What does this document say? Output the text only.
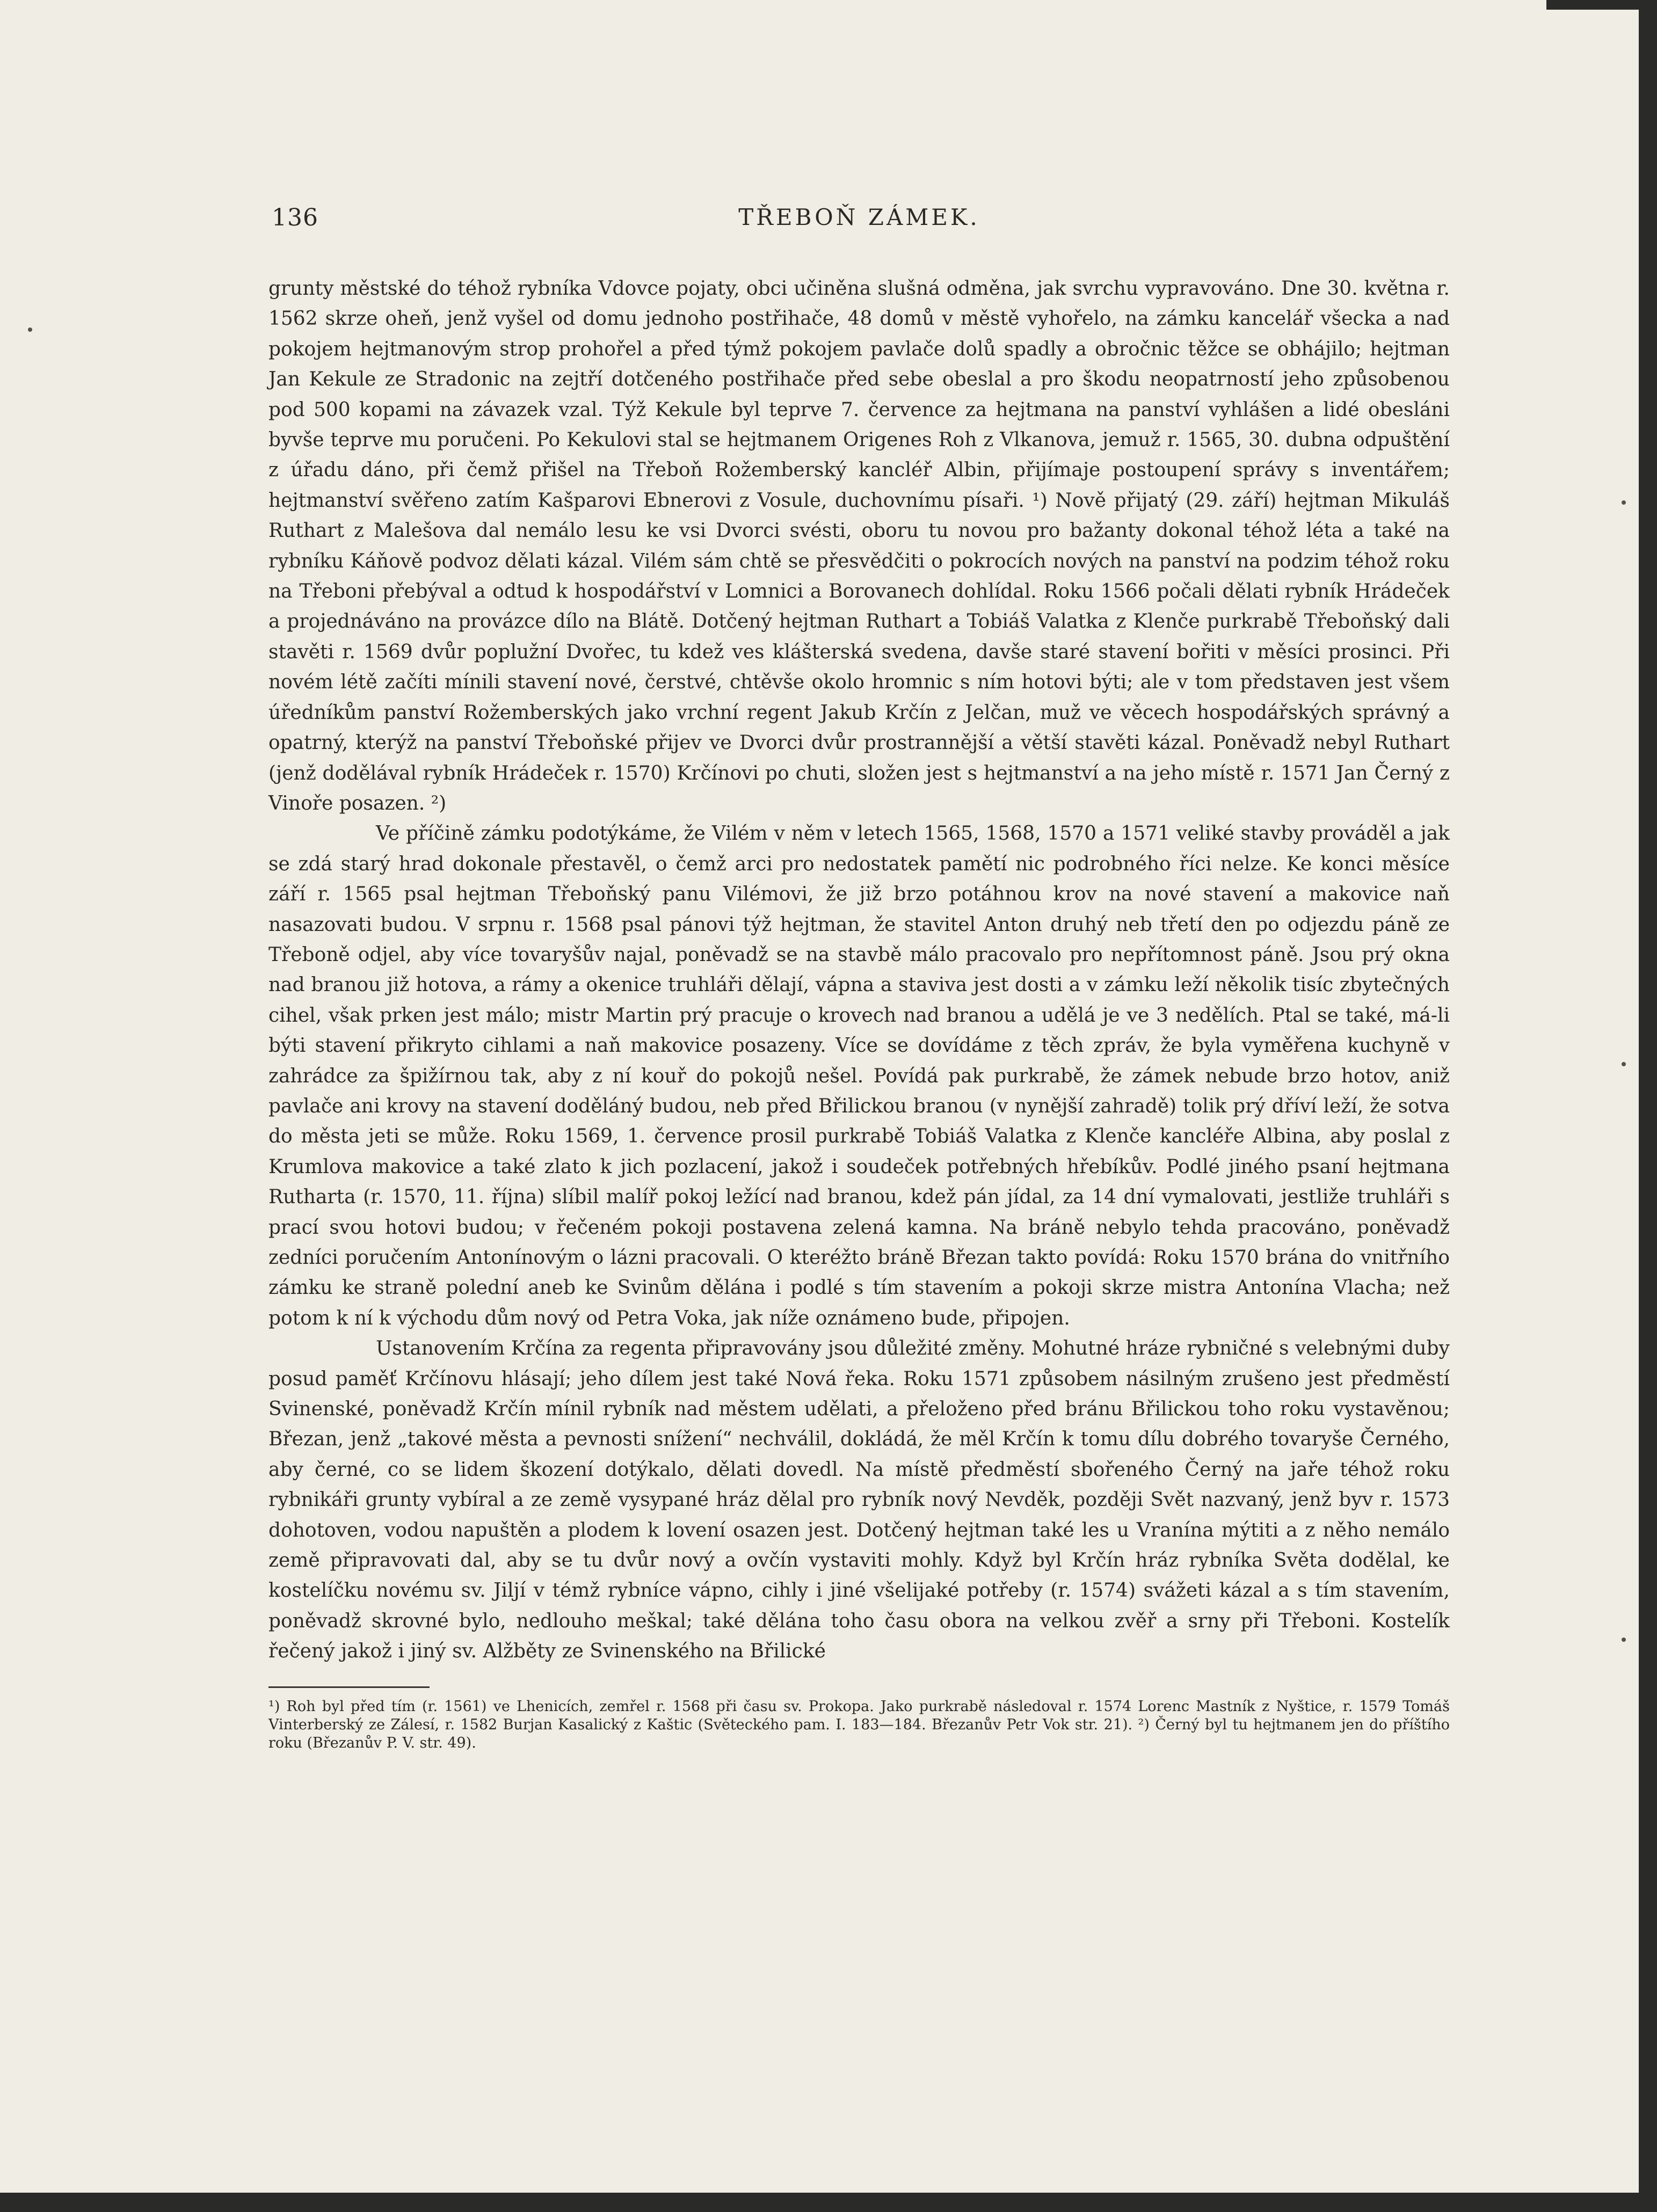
136	TŘEBOŇ ZÁMEK.

grunty městské do téhož rybníka Vdovce pojaty, obci učiněna slušná odměna, jak svrchu vypravováno. Dne 30. května r. 1562 skrze oheň, jenž vyšel od domu jednoho postřihače, 48 domů v městě vyhořelo, na zámku kancelář všecka a nad pokojem hejtmanovým strop prohořel a před týmž pokojem pavlače dolů spadly a obročnic těžce se obhájilo; hejtman Jan Kekule ze Stradonic na zejtří dotčeného postřihače před sebe obeslal a pro škodu neopatrností jeho způsobenou pod 500 kopami na závazek vzal. Týž Kekule byl teprve 7. července za hejtmana na panství vyhlášen a lidé obesláni byvše teprve mu poručeni. Po Kekulovi stal se hejtmanem Origenes Roh z Vlkanova, jemuž r. 1565, 30. dubna odpuštění z úřadu dáno, při čemž přišel na Třeboň Rožemberský kancléř Albin, přijímaje postoupení správy s inventářem; hejtmanství svěřeno zatím Kašparovi Ebnerovi z Vosule, duchovnímu písaři. ¹) Nově přijatý (29. září) hejtman Mikuláš Ruthart z Malešova dal nemálo lesu ke vsi Dvorci svésti, oboru tu novou pro bažanty dokonal téhož léta a také na rybníku Káňově podvoz dělati kázal. Vilém sám chtě se přesvědčiti o pokrocích nových na panství na podzim téhož roku na Třeboni přebýval a odtud k hospodářství v Lomnici a Borovanech dohlídal. Roku 1566 počali dělati rybník Hrádeček a projednáváno na provázce dílo na Blátě. Dotčený hejtman Ruthart a Tobiáš Valatka z Klenče purkrabě Třeboňský dali stavěti r. 1569 dvůr poplužní Dvořec, tu kdež ves klášterská svedena, davše staré stavení bořiti v měsíci prosinci. Při novém létě začíti mínili stavení nové, čerstvé, chtěvše okolo hromnic s ním hotovi býti; ale v tom představen jest všem úředníkům panství Rožemberských jako vrchní regent Jakub Krčín z Jelčan, muž ve věcech hospodářských správný a opatrný, kterýž na panství Třeboňské přijev ve Dvorci dvůr prostrannější a větší stavěti kázal. Poněvadž nebyl Ruthart (jenž dodělával rybník Hrádeček r. 1570) Krčínovi po chuti, složen jest s hejtmanství a na jeho místě r. 1571 Jan Černý z Vinoře posazen. ²)

Ve příčině zámku podotýkáme, že Vilém v něm v letech 1565, 1568, 1570 a 1571 veliké stavby prováděl a jak se zdá starý hrad dokonale přestavěl, o čemž arci pro nedostatek pamětí nic podrobného říci nelze. Ke konci měsíce září r. 1565 psal hejtman Třeboňský panu Vilémovi, že již brzo potáhnou krov na nové stavení a makovice naň nasazovati budou. V srpnu r. 1568 psal pánovi týž hejtman, že stavitel Anton druhý neb třetí den po odjezdu páně ze Třeboně odjel, aby více tovaryšův najal, poněvadž se na stavbě málo pracovalo pro nepřítomnost páně. Jsou prý okna nad branou již hotova, a rámy a okenice truhláři dělají, vápna a staviva jest dosti a v zámku leží několik tisíc zbytečných cihel, však prken jest málo; mistr Martin prý pracuje o krovech nad branou a udělá je ve 3 nedělích. Ptal se také, má-li býti stavení přikryto cihlami a naň makovice posazeny. Více se dovídáme z těch zpráv, že byla vyměřena kuchyně v zahrádce za špižírnou tak, aby z ní kouř do pokojů nešel. Povídá pak purkrabě, že zámek nebude brzo hotov, aniž pavlače ani krovy na stavení doděláný budou, neb před Břilickou branou (v nynější zahradě) tolik prý dříví leží, že sotva do města jeti se může. Roku 1569, 1. července prosil purkrabě Tobiáš Valatka z Klenče kancléře Albina, aby poslal z Krumlova makovice a také zlato k jich pozlacení, jakož i soudeček potřebných hřebíkův. Podlé jiného psaní hejtmana Rutharta (r. 1570, 11. října) slíbil malíř pokoj ležící nad branou, kdež pán jídal, za 14 dní vymalovati, jestliže truhláři s prací svou hotovi budou; v řečeném pokoji postavena zelená kamna. Na bráně nebylo tehda pracováno, poněvadž zedníci poručením Antonínovým o lázni pracovali. O kteréžto bráně Březan takto povídá: Roku 1570 brána do vnitřního zámku ke straně polední aneb ke Svinům dělána i podlé s tím stavením a pokoji skrze mistra Antonína Vlacha; než potom k ní k východu dům nový od Petra Voka, jak níže oznámeno bude, připojen.

Ustanovením Krčína za regenta připravovány jsou důležité změny. Mohutné hráze rybničné s velebnými duby posud paměť Krčínovu hlásají; jeho dílem jest také Nová řeka. Roku 1571 způsobem násilným zrušeno jest předměstí Svinenské, poněvadž Krčín mínil rybník nad městem udělati, a přeloženo před bránu Břilickou toho roku vystavěnou; Březan, jenž „takové města a pevnosti snížení“ nechválil, dokládá, že měl Krčín k tomu dílu dobrého tovaryše Černého, aby černé, co se lidem škození dotýkalo, dělati dovedl. Na místě předměstí sbořeného Černý na jaře téhož roku rybnikáři grunty vybíral a ze země vysypané hráz dělal pro rybník nový Nevděk, později Svět nazvaný, jenž byv r. 1573 dohotoven, vodou napuštěn a plodem k lovení osazen jest. Dotčený hejtman také les u Vranína mýtiti a z něho nemálo země připravovati dal, aby se tu dvůr nový a ovčín vystaviti mohly. Když byl Krčín hráz rybníka Světa dodělal, ke kostelíčku novému sv. Jiljí v témž rybníce vápno, cihly i jiné všelijaké potřeby (r. 1574) svážeti kázal a s tím stavením, poněvadž skrovné bylo, nedlouho meškal; také dělána toho času obora na velkou zvěř a srny při Třeboni. Kostelík řečený jakož i jiný sv. Alžběty ze Svinenského na Břilické

¹) Roh byl před tím (r. 1561) ve Lhenicích, zemřel r. 1568 při času sv. Prokopa. Jako purkrabě následoval r. 1574 Lorenc Mastník z Nyštice, r. 1579 Tomáš Vinterberský ze Zálesí, r. 1582 Burjan Kasalický z Kaštic (Světeckého pam. I. 183—184. Březanův Petr Vok str. 21). ²) Černý byl tu hejtmanem jen do příštího roku (Březanův P. V. str. 49).
